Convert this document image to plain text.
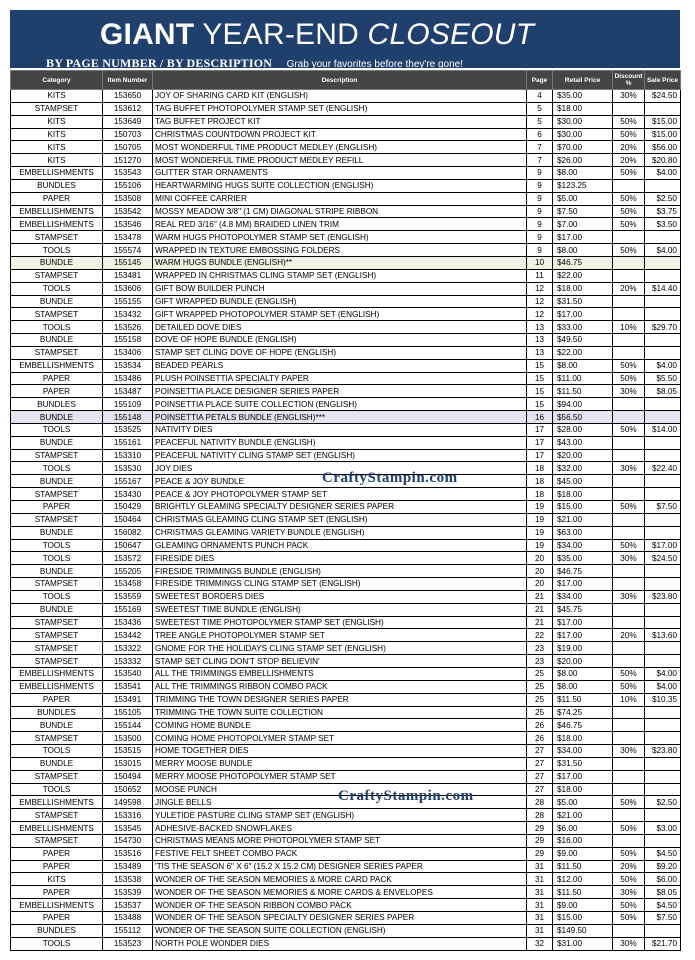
GIANT YEAR-END CLOSEOUT
BY PAGE NUMBER / BY DESCRIPTION Grab your favorites before they're gone!
Category	Item Number	Description	Page	Retail Price	Discount %	Sale Price
KITS	153650	JOY OF SHARING CARD KIT (ENGLISH)	4	$35.00	30%	$24.50
STAMPSET	153612	TAG BUFFET PHOTOPOLYMER STAMP SET (ENGLISH)	5	$18.00		
KITS	153649	TAG BUFFET PROJECT KIT	5	$30.00	50%	$15.00
KITS	150703	CHRISTMAS COUNTDOWN PROJECT KIT	6	$30.00	50%	$15.00
KITS	150705	MOST WONDERFUL TIME PRODUCT MEDLEY (ENGLISH)	7	$70.00	20%	$56.00
KITS	151270	MOST WONDERFUL TIME PRODUCT MEDLEY REFILL	7	$26.00	20%	$20.80
EMBELLISHMENTS	153543	GLITTER STAR ORNAMENTS	9	$8.00	50%	$4.00
BUNDLES	155106	HEARTWARMING HUGS SUITE COLLECTION (ENGLISH)	9	$123.25		
PAPER	153508	MINI COFFEE CARRIER	9	$5.00	50%	$2.50
EMBELLISHMENTS	153542	MOSSY MEADOW 3/8" (1 CM) DIAGONAL STRIPE RIBBON	9	$7.50	50%	$3.75
EMBELLISHMENTS	153546	REAL RED 3/16" (4.8 MM) BRAIDED LINEN TRIM	9	$7.00	50%	$3.50
STAMPSET	153478	WARM HUGS PHOTOPOLYMER STAMP SET (ENGLISH)	9	$17.00		
TOOLS	155574	WRAPPED IN TEXTURE EMBOSSING FOLDERS	9	$8.00	50%	$4.00
BUNDLE	155145	WARM HUGS BUNDLE (ENGLISH)**	10	$46.75		
STAMPSET	153481	WRAPPED IN CHRISTMAS CLING STAMP SET (ENGLISH)	11	$22.00		
TOOLS	153606	GIFT BOW BUILDER PUNCH	12	$18.00	20%	$14.40
BUNDLE	155155	GIFT WRAPPED BUNDLE (ENGLISH)	12	$31.50		
STAMPSET	153432	GIFT WRAPPED PHOTOPOLYMER STAMP SET (ENGLISH)	12	$17.00		
TOOLS	153526	DETAILED DOVE DIES	13	$33.00	10%	$29.70
BUNDLE	155158	DOVE OF HOPE BUNDLE (ENGLISH)	13	$49.50		
STAMPSET	153406	STAMP SET CLING DOVE OF HOPE (ENGLISH)	13	$22.00		
EMBELLISHMENTS	153534	BEADED PEARLS	15	$8.00	50%	$4.00
PAPER	153486	PLUSH POINSETTIA SPECIALTY PAPER	15	$11.00	50%	$5.50
PAPER	153487	POINSETTIA PLACE DESIGNER SERIES PAPER	15	$11.50	30%	$8.05
BUNDLES	155109	POINSETTIA PLACE SUITE COLLECTION (ENGLISH)	15	$94.00		
BUNDLE	155148	POINSETTIA PETALS BUNDLE (ENGLISH)***	16	$56.50		
TOOLS	153525	NATIVITY DIES	17	$28.00	50%	$14.00
BUNDLE	155161	PEACEFUL NATIVITY BUNDLE (ENGLISH)	17	$43.00		
STAMPSET	153310	PEACEFUL NATIVITY CLING STAMP SET (ENGLISH)	17	$20.00		
TOOLS	153530	JOY DIES	18	$32.00	30%	$22.40
BUNDLE	155167	PEACE & JOY BUNDLE	18	$45.00		
STAMPSET	153430	PEACE & JOY PHOTOPOLYMER STAMP SET	18	$18.00		
PAPER	150429	BRIGHTLY GLEAMING SPECIALTY DESIGNER SERIES PAPER	19	$15.00	50%	$7.50
STAMPSET	150464	CHRISTMAS GLEAMING CLING STAMP SET (ENGLISH)	19	$21.00		
BUNDLE	156082	CHRISTMAS GLEAMING VARIETY BUNDLE (ENGLISH)	19	$63.00		
TOOLS	150647	GLEAMING ORNAMENTS PUNCH PACK	19	$34.00	50%	$17.00
TOOLS	153572	FIRESIDE DIES	20	$35.00	30%	$24.50
BUNDLE	155205	FIRESIDE TRIMMINGS BUNDLE (ENGLISH)	20	$46.75		
STAMPSET	153458	FIRESIDE TRIMMINGS CLING STAMP SET (ENGLISH)	20	$17.00		
TOOLS	153559	SWEETEST BORDERS DIES	21	$34.00	30%	$23.80
BUNDLE	155169	SWEETEST TIME BUNDLE (ENGLISH)	21	$45.75		
STAMPSET	153436	SWEETEST TIME PHOTOPOLYMER STAMP SET (ENGLISH)	21	$17.00		
STAMPSET	153442	TREE ANGLE PHOTOPOLYMER STAMP SET	22	$17.00	20%	$13.60
STAMPSET	153322	GNOME FOR THE HOLIDAYS CLING STAMP SET (ENGLISH)	23	$19.00		
STAMPSET	153332	STAMP SET CLING DON'T STOP BELIEVIN'	23	$20.00		
EMBELLISHMENTS	153540	ALL THE TRIMMINGS EMBELLISHMENTS	25	$8.00	50%	$4.00
EMBELLISHMENTS	153541	ALL THE TRIMMINGS RIBBON COMBO PACK	25	$8.00	50%	$4.00
PAPER	153491	TRIMMING THE TOWN DESIGNER SERIES PAPER	25	$11.50	10%	$10.35
BUNDLES	155105	TRIMMING THE TOWN SUITE COLLECTION	25	$74.25		
BUNDLE	155144	COMING HOME BUNDLE	26	$46.75		
STAMPSET	153500	COMING HOME PHOTOPOLYMER STAMP SET	26	$18.00		
TOOLS	153515	HOME TOGETHER DIES	27	$34.00	30%	$23.80
BUNDLE	153015	MERRY MOOSE BUNDLE	27	$31.50		
STAMPSET	150494	MERRY MOOSE PHOTOPOLYMER STAMP SET	27	$17.00		
TOOLS	150652	MOOSE PUNCH	27	$18.00		
EMBELLISHMENTS	149598	JINGLE BELLS	28	$5.00	50%	$2.50
STAMPSET	153316	YULETIDE PASTURE CLING STAMP SET (ENGLISH)	28	$21.00		
EMBELLISHMENTS	153545	ADHESIVE-BACKED SNOWFLAKES	29	$6.00	50%	$3.00
STAMPSET	154730	CHRISTMAS MEANS MORE PHOTOPOLYMER STAMP SET	29	$16.00		
PAPER	153516	FESTIVE FELT SHEET COMBO PACK	29	$9.00	50%	$4.50
PAPER	153489	'TIS THE SEASON 6" X 6" (15.2 X 15.2 CM) DESIGNER SERIES PAPER	31	$11.50	20%	$9.20
KITS	153538	WONDER OF THE SEASON MEMORIES & MORE CARD PACK	31	$12.00	50%	$6.00
PAPER	153539	WONDER OF THE SEASON MEMORIES & MORE CARDS & ENVELOPES	31	$11.50	30%	$8.05
EMBELLISHMENTS	153537	WONDER OF THE SEASON RIBBON COMBO PACK	31	$9.00	50%	$4.50
PAPER	153488	WONDER OF THE SEASON SPECIALTY DESIGNER SERIES PAPER	31	$15.00	50%	$7.50
BUNDLES	155112	WONDER OF THE SEASON SUITE COLLECTION (ENGLISH)	31	$149.50		
TOOLS	153523	NORTH POLE WONDER DIES	32	$31.00	30%	$21.70
CraftyStampin.com
CraftyStampin.com
